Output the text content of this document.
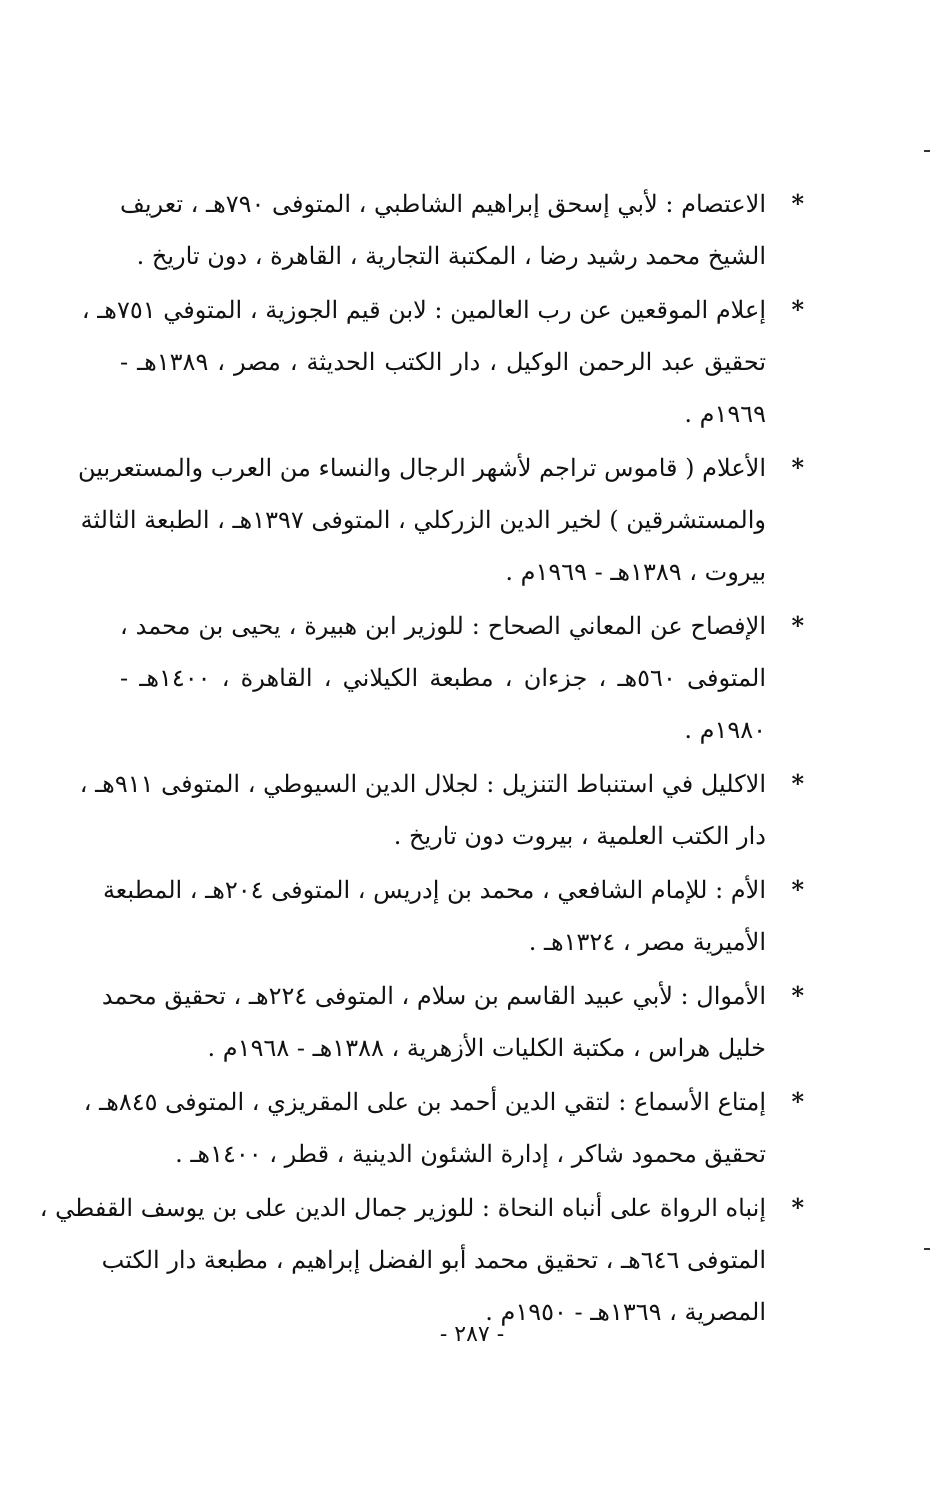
*
الاعتصام : لأبي إسحق إبراهيم الشاطبي ، المتوفى ٧٩٠هـ ، تعريف
الشيخ محمد رشيد رضا ، المكتبة التجارية ، القاهرة ، دون تاريخ .
*
إعلام الموقعين عن رب العالمين : لابن قيم الجوزية ، المتوفي ٧٥١هـ ،
تحقيق عبد الرحمن الوكيل ، دار الكتب الحديثة ، مصر ، ١٣٨٩هـ -
١٩٦٩م .
*
الأعلام ( قاموس تراجم لأشهر الرجال والنساء من العرب والمستعربين
والمستشرقين ) لخير الدين الزركلي ، المتوفى ١٣٩٧هـ ، الطبعة الثالثة
بيروت ، ١٣٨٩هـ - ١٩٦٩م .
*
الإفصاح عن المعاني الصحاح : للوزير ابن هبيرة ، يحيى بن محمد ،
المتوفى ٥٦٠هـ ، جزءان ، مطبعة الكيلاني ، القاهرة ، ١٤٠٠هـ -
١٩٨٠م .
*
الاكليل في استنباط التنزيل : لجلال الدين السيوطي ، المتوفى ٩١١هـ ،
دار الكتب العلمية ، بيروت دون تاريخ .
*
الأم : للإمام الشافعي ، محمد بن إدريس ، المتوفى ٢٠٤هـ ، المطبعة
الأميرية مصر ، ١٣٢٤هـ .
*
الأموال : لأبي عبيد القاسم بن سلام ، المتوفى ٢٢٤هـ ، تحقيق محمد
خليل هراس ، مكتبة الكليات الأزهرية ، ١٣٨٨هـ - ١٩٦٨م .
*
إمتاع الأسماع : لتقي الدين أحمد بن على المقريزي ، المتوفى ٨٤٥هـ ،
تحقيق محمود شاكر ، إدارة الشئون الدينية ، قطر ، ١٤٠٠هـ .
*
إنباه الرواة على أنباه النحاة : للوزير جمال الدين على بن يوسف القفطي ،
المتوفى ٦٤٦هـ ، تحقيق محمد أبو الفضل إبراهيم ، مطبعة دار الكتب
المصرية ، ١٣٦٩هـ - ١٩٥٠م .
- ٢٨٧ -
